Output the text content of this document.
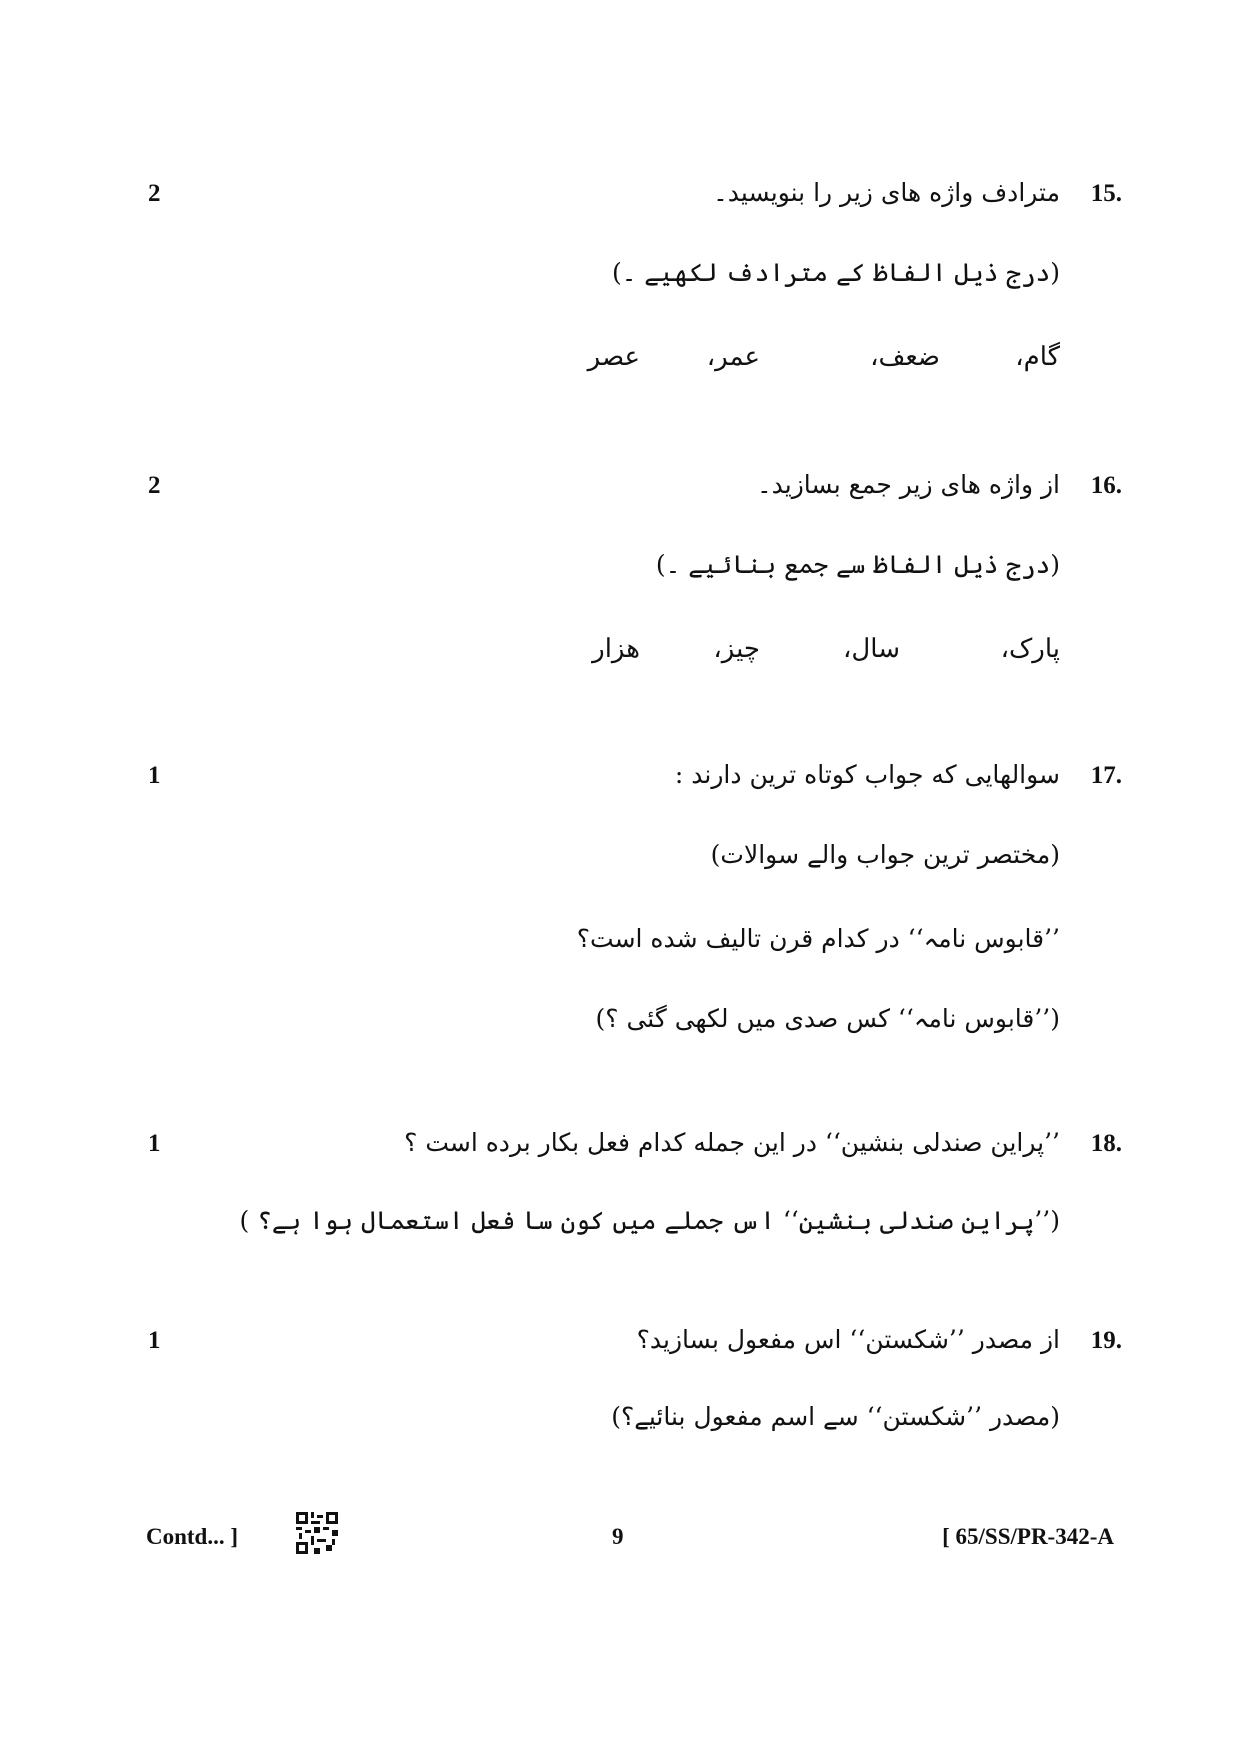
2	15.
مترادف واژه های زیر را بنویسید۔
(درج ذیل الفاظ کے مترادف لکھیے ۔)
گام،
ضعف،
عمر،
عصر
2	16.
از واژه های زیر جمع بسازید۔
(درج ذیل الفاظ سے جمع بنائیے ۔)
پارک،
سال،
چیز،
هزار
1	17.
سوالهایی که جواب کوتاه ترین دارند :
(مختصر ترین جواب والے سوالات)
’’قابوس نامہ‘‘ در کدام قرن تالیف شده است؟
(’’قابوس نامہ‘‘ کس صدی میں لکھی گئی ؟)
1	18.
’’پراین صندلی بنشین‘‘ در این جمله کدام فعل بکار برده است ؟
(’’پراین صندلی بنشین‘‘ اس جملے میں کون سا فعل استعمال ہوا ہے؟ )
1	19.
از مصدر ’’شکستن‘‘ اس مفعول بسازید؟
(مصدر ’’شکستن‘‘ سے اسم مفعول بنائیے؟)
Contd... ]	9	[ 65/SS/PR-342-A
